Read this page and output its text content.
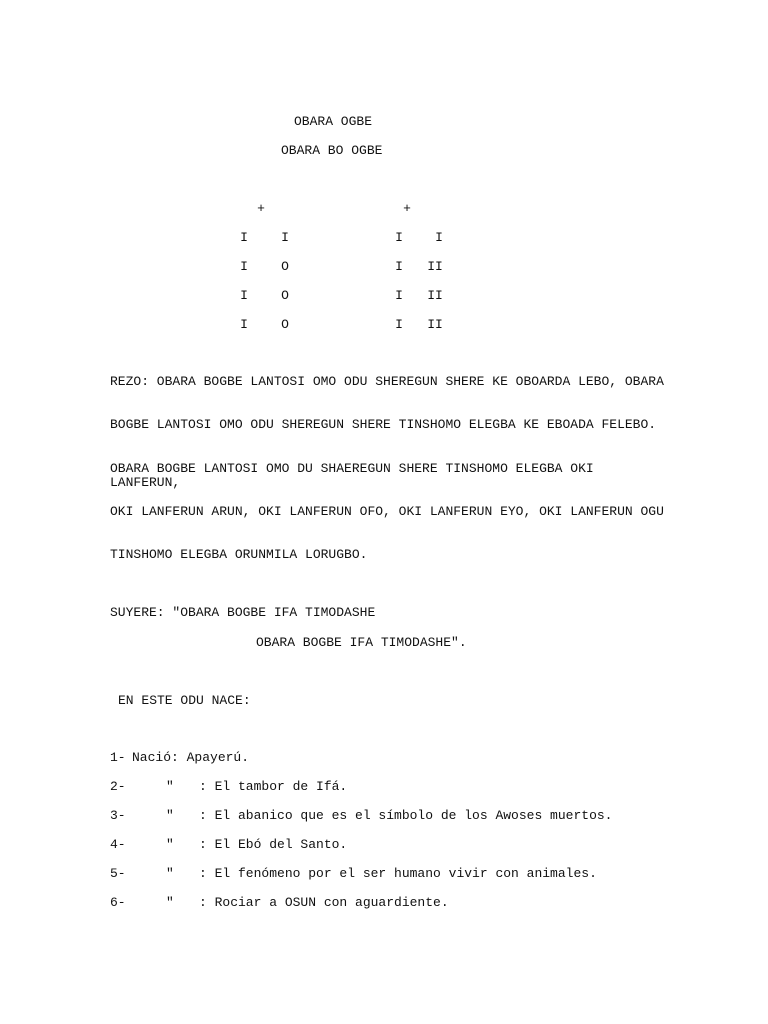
OBARA OGBE
OBARA BO OGBE
+
I	I
I	O
I	O
I	O
+
I	I
I	II
I	II
I	II

REZO: OBARA BOGBE LANTOSI OMO ODU SHEREGUN SHERE KE OBOARDA LEBO, OBARA

BOGBE LANTOSI OMO ODU SHEREGUN SHERE TINSHOMO ELEGBA KE EBOADA FELEBO.

OBARA BOGBE LANTOSI OMO DU SHAEREGUN SHERE TINSHOMO ELEGBA OKI LANFERUN,

OKI LANFERUN ARUN, OKI LANFERUN OFO, OKI LANFERUN EYO, OKI LANFERUN OGU

TINSHOMO ELEGBA ORUNMILA LORUGBO.

SUYERE: "OBARA BOGBE IFA TIMODASHE
OBARA BOGBE IFA TIMODASHE".
EN ESTE ODU NACE:
1- Nació: Apayerú.
2-	" : El tambor de Ifá.
3-	" : El abanico que es el símbolo de los Awoses muertos.
4-	" : El Ebó del Santo.
5-	" : El fenómeno por el ser humano vivir con animales.
6-	" : Rociar a OSUN con aguardiente.
